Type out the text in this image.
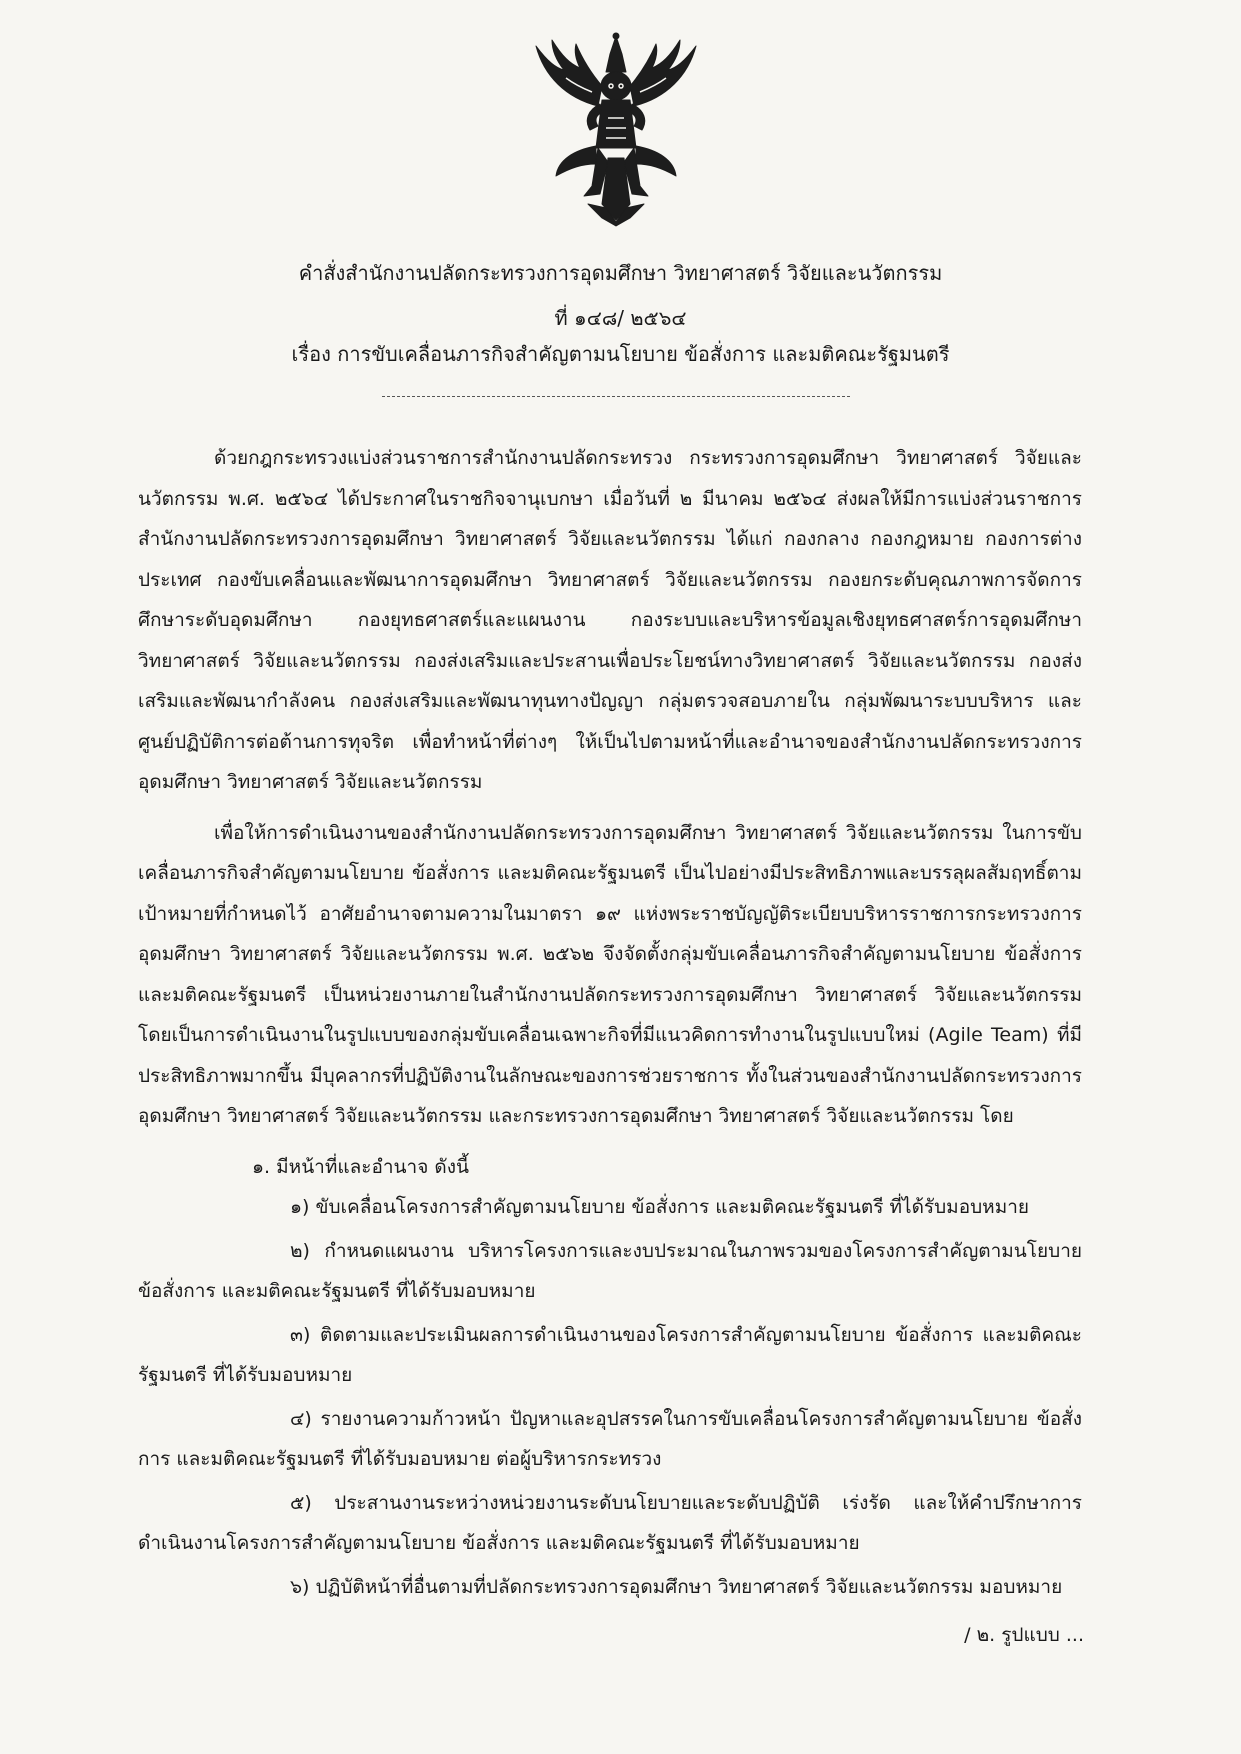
คำสั่งสำนักงานปลัดกระทรวงการอุดมศึกษา วิทยาศาสตร์ วิจัยและนวัตกรรม
ที่ ๑๔๘/ ๒๕๖๔
เรื่อง การขับเคลื่อนภารกิจสำคัญตามนโยบาย ข้อสั่งการ และมติคณะรัฐมนตรี

ด้วยกฎกระทรวงแบ่งส่วนราชการสำนักงานปลัดกระทรวง กระทรวงการอุดมศึกษา วิทยาศาสตร์ วิจัยและนวัตกรรม พ.ศ. ๒๕๖๔ ได้ประกาศในราชกิจจานุเบกษา เมื่อวันที่ ๒ มีนาคม ๒๕๖๔ ส่งผลให้มีการแบ่งส่วนราชการสำนักงานปลัดกระทรวงการอุดมศึกษา วิทยาศาสตร์ วิจัยและนวัตกรรม ได้แก่ กองกลาง กองกฎหมาย กองการต่างประเทศ กองขับเคลื่อนและพัฒนาการอุดมศึกษา วิทยาศาสตร์ วิจัยและนวัตกรรม กองยกระดับคุณภาพการจัดการศึกษาระดับอุดมศึกษา กองยุทธศาสตร์และแผนงาน กองระบบและบริหารข้อมูลเชิงยุทธศาสตร์การอุดมศึกษา วิทยาศาสตร์ วิจัยและนวัตกรรม กองส่งเสริมและประสานเพื่อประโยชน์ทางวิทยาศาสตร์ วิจัยและนวัตกรรม กองส่งเสริมและพัฒนากำลังคน กองส่งเสริมและพัฒนาทุนทางปัญญา กลุ่มตรวจสอบภายใน กลุ่มพัฒนาระบบบริหาร และศูนย์ปฏิบัติการต่อต้านการทุจริต เพื่อทำหน้าที่ต่างๆ ให้เป็นไปตามหน้าที่และอำนาจของสำนักงานปลัดกระทรวงการอุดมศึกษา วิทยาศาสตร์ วิจัยและนวัตกรรม

เพื่อให้การดำเนินงานของสำนักงานปลัดกระทรวงการอุดมศึกษา วิทยาศาสตร์ วิจัยและนวัตกรรม ในการขับเคลื่อนภารกิจสำคัญตามนโยบาย ข้อสั่งการ และมติคณะรัฐมนตรี เป็นไปอย่างมีประสิทธิภาพและบรรลุผลสัมฤทธิ์ตามเป้าหมายที่กำหนดไว้ อาศัยอำนาจตามความในมาตรา ๑๙ แห่งพระราชบัญญัติระเบียบบริหารราชการกระทรวงการอุดมศึกษา วิทยาศาสตร์ วิจัยและนวัตกรรม พ.ศ. ๒๕๖๒ จึงจัดตั้งกลุ่มขับเคลื่อนภารกิจสำคัญตามนโยบาย ข้อสั่งการ และมติคณะรัฐมนตรี เป็นหน่วยงานภายในสำนักงานปลัดกระทรวงการอุดมศึกษา วิทยาศาสตร์ วิจัยและนวัตกรรม โดยเป็นการดำเนินงานในรูปแบบของกลุ่มขับเคลื่อนเฉพาะกิจที่มีแนวคิดการทำงานในรูปแบบใหม่ (Agile Team) ที่มีประสิทธิภาพมากขึ้น มีบุคลากรที่ปฏิบัติงานในลักษณะของการช่วยราชการ ทั้งในส่วนของสำนักงานปลัดกระทรวงการอุดมศึกษา วิทยาศาสตร์ วิจัยและนวัตกรรม และกระทรวงการอุดมศึกษา วิทยาศาสตร์ วิจัยและนวัตกรรม โดย

๑. มีหน้าที่และอำนาจ ดังนี้

๑) ขับเคลื่อนโครงการสำคัญตามนโยบาย ข้อสั่งการ และมติคณะรัฐมนตรี ที่ได้รับมอบหมาย

๒) กำหนดแผนงาน บริหารโครงการและงบประมาณในภาพรวมของโครงการสำคัญตามนโยบาย ข้อสั่งการ และมติคณะรัฐมนตรี ที่ได้รับมอบหมาย

๓) ติดตามและประเมินผลการดำเนินงานของโครงการสำคัญตามนโยบาย ข้อสั่งการ และมติคณะรัฐมนตรี ที่ได้รับมอบหมาย

๔) รายงานความก้าวหน้า ปัญหาและอุปสรรคในการขับเคลื่อนโครงการสำคัญตามนโยบาย ข้อสั่งการ และมติคณะรัฐมนตรี ที่ได้รับมอบหมาย ต่อผู้บริหารกระทรวง

๕) ประสานงานระหว่างหน่วยงานระดับนโยบายและระดับปฏิบัติ เร่งรัด และให้คำปรึกษาการดำเนินงานโครงการสำคัญตามนโยบาย ข้อสั่งการ และมติคณะรัฐมนตรี ที่ได้รับมอบหมาย

๖) ปฏิบัติหน้าที่อื่นตามที่ปลัดกระทรวงการอุดมศึกษา วิทยาศาสตร์ วิจัยและนวัตกรรม มอบหมาย

/ ๒. รูปแบบ ...
